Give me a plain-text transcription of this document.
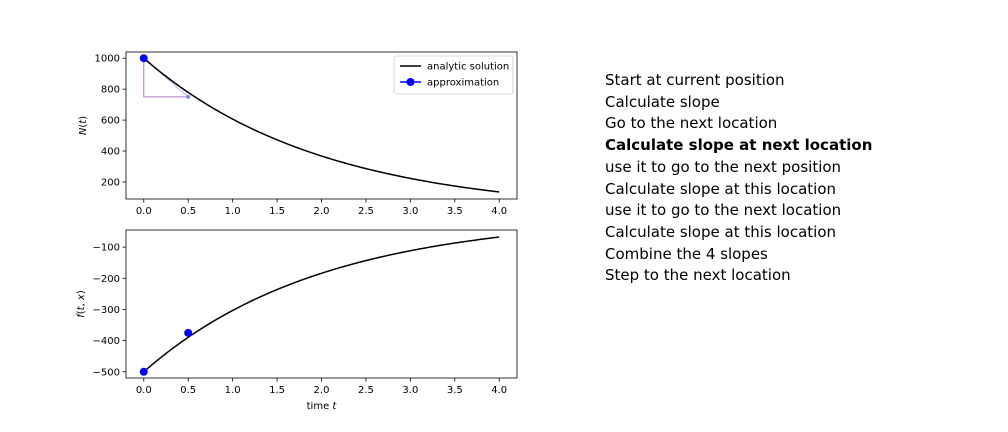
0.0	0.5	1.0	1.5	2.0	2.5	3.0	3.5	4.0
200
400
600
800
1000
N(t)
analytic solution
approximation
0.0	0.5	1.0	1.5	2.0	2.5	3.0	3.5	4.0
−500
−400
−300
−200
−100
f(t, x)
time t
Start at current position
Calculate slope
Go to the next location
Calculate slope at next location
use it to go to the next position
Calculate slope at this location
use it to go to the next location
Calculate slope at this location
Combine the 4 slopes
Step to the next location
